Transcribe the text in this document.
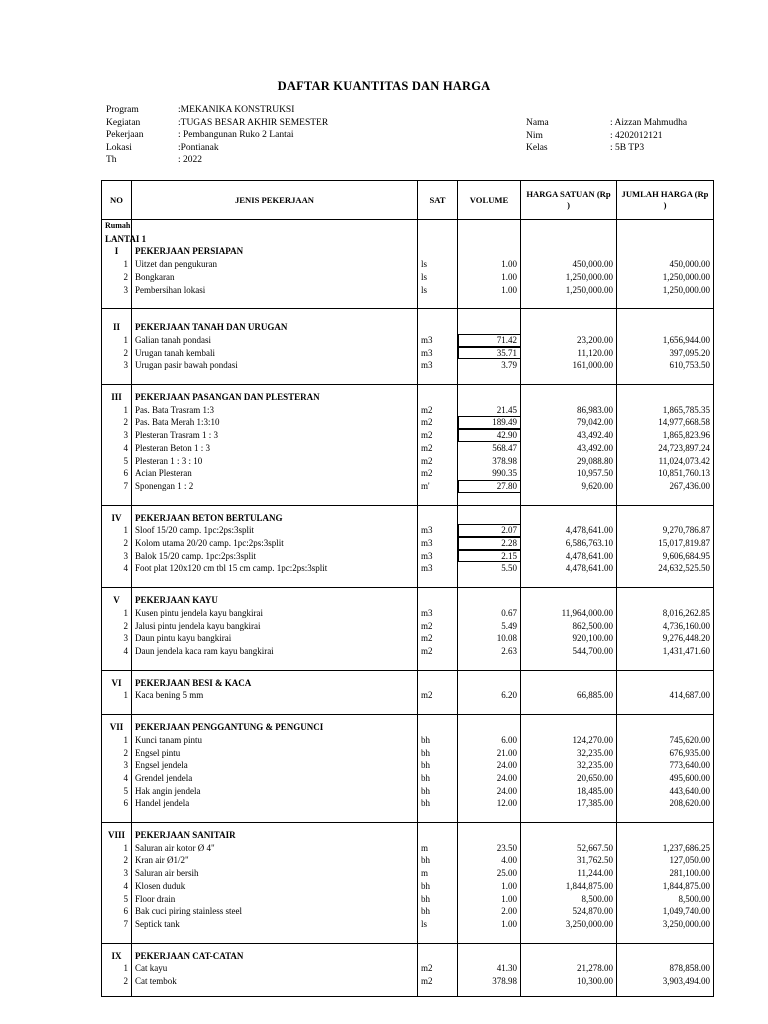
DAFTAR KUANTITAS DAN HARGA
Program	:MEKANIKA KONSTRUKSI
Kegiatan	:TUGAS BESAR AKHIR SEMESTER
Pekerjaan	: Pembangunan Ruko 2 Lantai
Lokasi	:Pontianak
Th	: 2022
Nama	: Aizzan Mahmudha
Nim	: 4202012121
Kelas	: 5B TP3
NO	JENIS PEKERJAAN	SAT	VOLUME	HARGA SATUAN (Rp )	JUMLAH HARGA (Rp )
Rumah					
LANTAI 1					
I	PEKERJAAN PERSIAPAN				
1	Uitzet dan pengukuran	ls	1.00	450,000.00	450,000.00
2	Bongkaran	ls	1.00	1,250,000.00	1,250,000.00
3	Pembersihan lokasi	ls	1.00	1,250,000.00	1,250,000.00

II	PEKERJAAN TANAH DAN URUGAN				
1	Galian tanah pondasi	m3	71.42	23,200.00	1,656,944.00
2	Urugan tanah kembali	m3	35.71	11,120.00	397,095.20
3	Urugan pasir bawah pondasi	m3	3.79	161,000.00	610,753.50

III	PEKERJAAN PASANGAN DAN PLESTERAN				
1	Pas. Bata Trasram 1:3	m2	21.45	86,983.00	1,865,785.35
2	Pas. Bata Merah 1:3:10	m2	189.49	79,042.00	14,977,668.58
3	Plesteran Trasram 1 : 3	m2	42.90	43,492.40	1,865,823.96
4	Plesteran Beton 1 : 3	m2	568.47	43,492.00	24,723,897.24
5	Plesteran 1 : 3 : 10	m2	378.98	29,088.80	11,024,073.42
6	Acian Plesteran	m2	990.35	10,957.50	10,851,760.13
7	Sponengan 1 : 2	m'	27.80	9,620.00	267,436.00

IV	PEKERJAAN BETON BERTULANG				
1	Sloof 15/20 camp. 1pc:2ps:3split	m3	2.07	4,478,641.00	9,270,786.87
2	Kolom utama 20/20 camp. 1pc:2ps:3split	m3	2.28	6,586,763.10	15,017,819.87
3	Balok 15/20 camp. 1pc:2ps:3split	m3	2.15	4,478,641.00	9,606,684.95
4	Foot plat 120x120 cm tbl 15 cm camp. 1pc:2ps:3split	m3	5.50	4,478,641.00	24,632,525.50

V	PEKERJAAN KAYU				
1	Kusen pintu jendela kayu bangkirai	m3	0.67	11,964,000.00	8,016,262.85
2	Jalusi pintu jendela kayu bangkirai	m2	5.49	862,500.00	4,736,160.00
3	Daun pintu kayu bangkirai	m2	10.08	920,100.00	9,276,448.20
4	Daun jendela kaca ram kayu bangkirai	m2	2.63	544,700.00	1,431,471.60

VI	PEKERJAAN BESI & KACA				
1	Kaca bening 5 mm	m2	6.20	66,885.00	414,687.00

VII	PEKERJAAN PENGGANTUNG & PENGUNCI				
1	Kunci tanam pintu	bh	6.00	124,270.00	745,620.00
2	Engsel pintu	bh	21.00	32,235.00	676,935.00
3	Engsel jendela	bh	24.00	32,235.00	773,640.00
4	Grendel jendela	bh	24.00	20,650.00	495,600.00
5	Hak angin jendela	bh	24.00	18,485.00	443,640.00
6	Handel jendela	bh	12.00	17,385.00	208,620.00

VIII	PEKERJAAN SANITAIR				
1	Saluran air kotor Ø 4"	m	23.50	52,667.50	1,237,686.25
2	Kran air Ø1/2"	bh	4.00	31,762.50	127,050.00
3	Saluran air bersih	m	25.00	11,244.00	281,100.00
4	Klosen duduk	bh	1.00	1,844,875.00	1,844,875.00
5	Floor drain	bh	1.00	8,500.00	8,500.00
6	Bak cuci piring stainless steel	bh	2.00	524,870.00	1,049,740.00
7	Septick tank	ls	1.00	3,250,000.00	3,250,000.00

IX	PEKERJAAN CAT-CATAN				
1	Cat kayu	m2	41.30	21,278.00	878,858.00
2	Cat tembok	m2	378.98	10,300.00	3,903,494.00
